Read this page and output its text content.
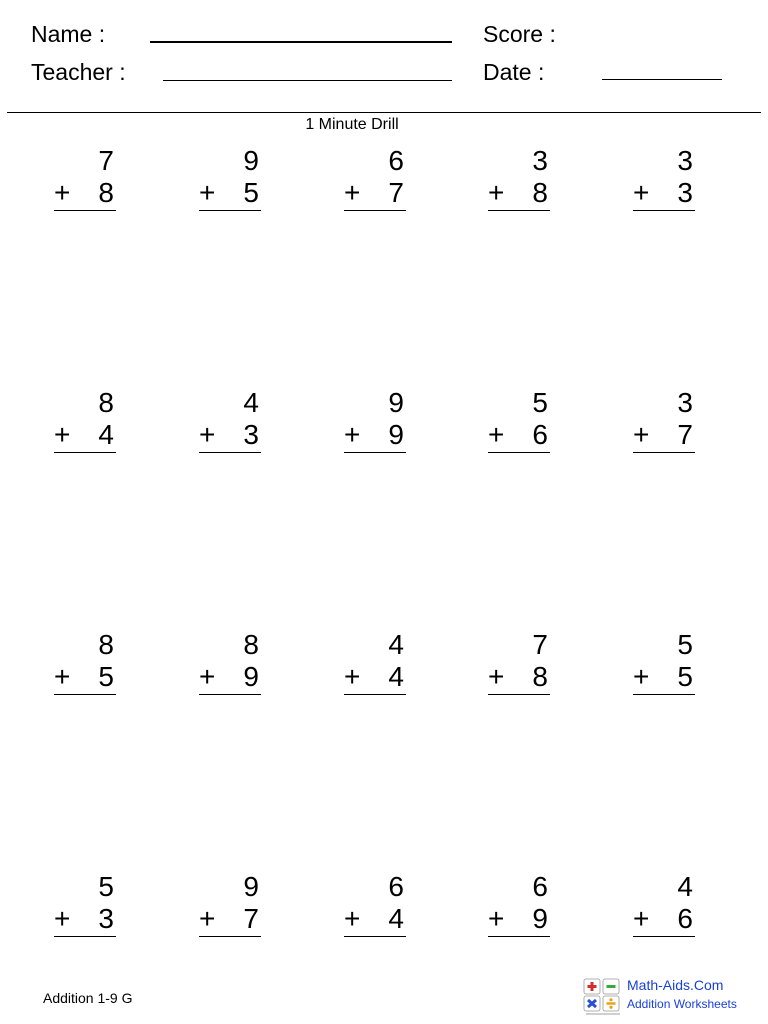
Name :
Teacher :
Score :
Date :
1 Minute Drill
7
+ 8
9
+ 5
6
+ 7
3
+ 8
3
+ 3
8
+ 4
4
+ 3
9
+ 9
5
+ 6
3
+ 7
8
+ 5
8
+ 9
4
+ 4
7
+ 8
5
+ 5
5
+ 3
9
+ 7
6
+ 4
6
+ 9
4
+ 6
Addition 1-9 G
Math-Aids.Com
Addition Worksheets
